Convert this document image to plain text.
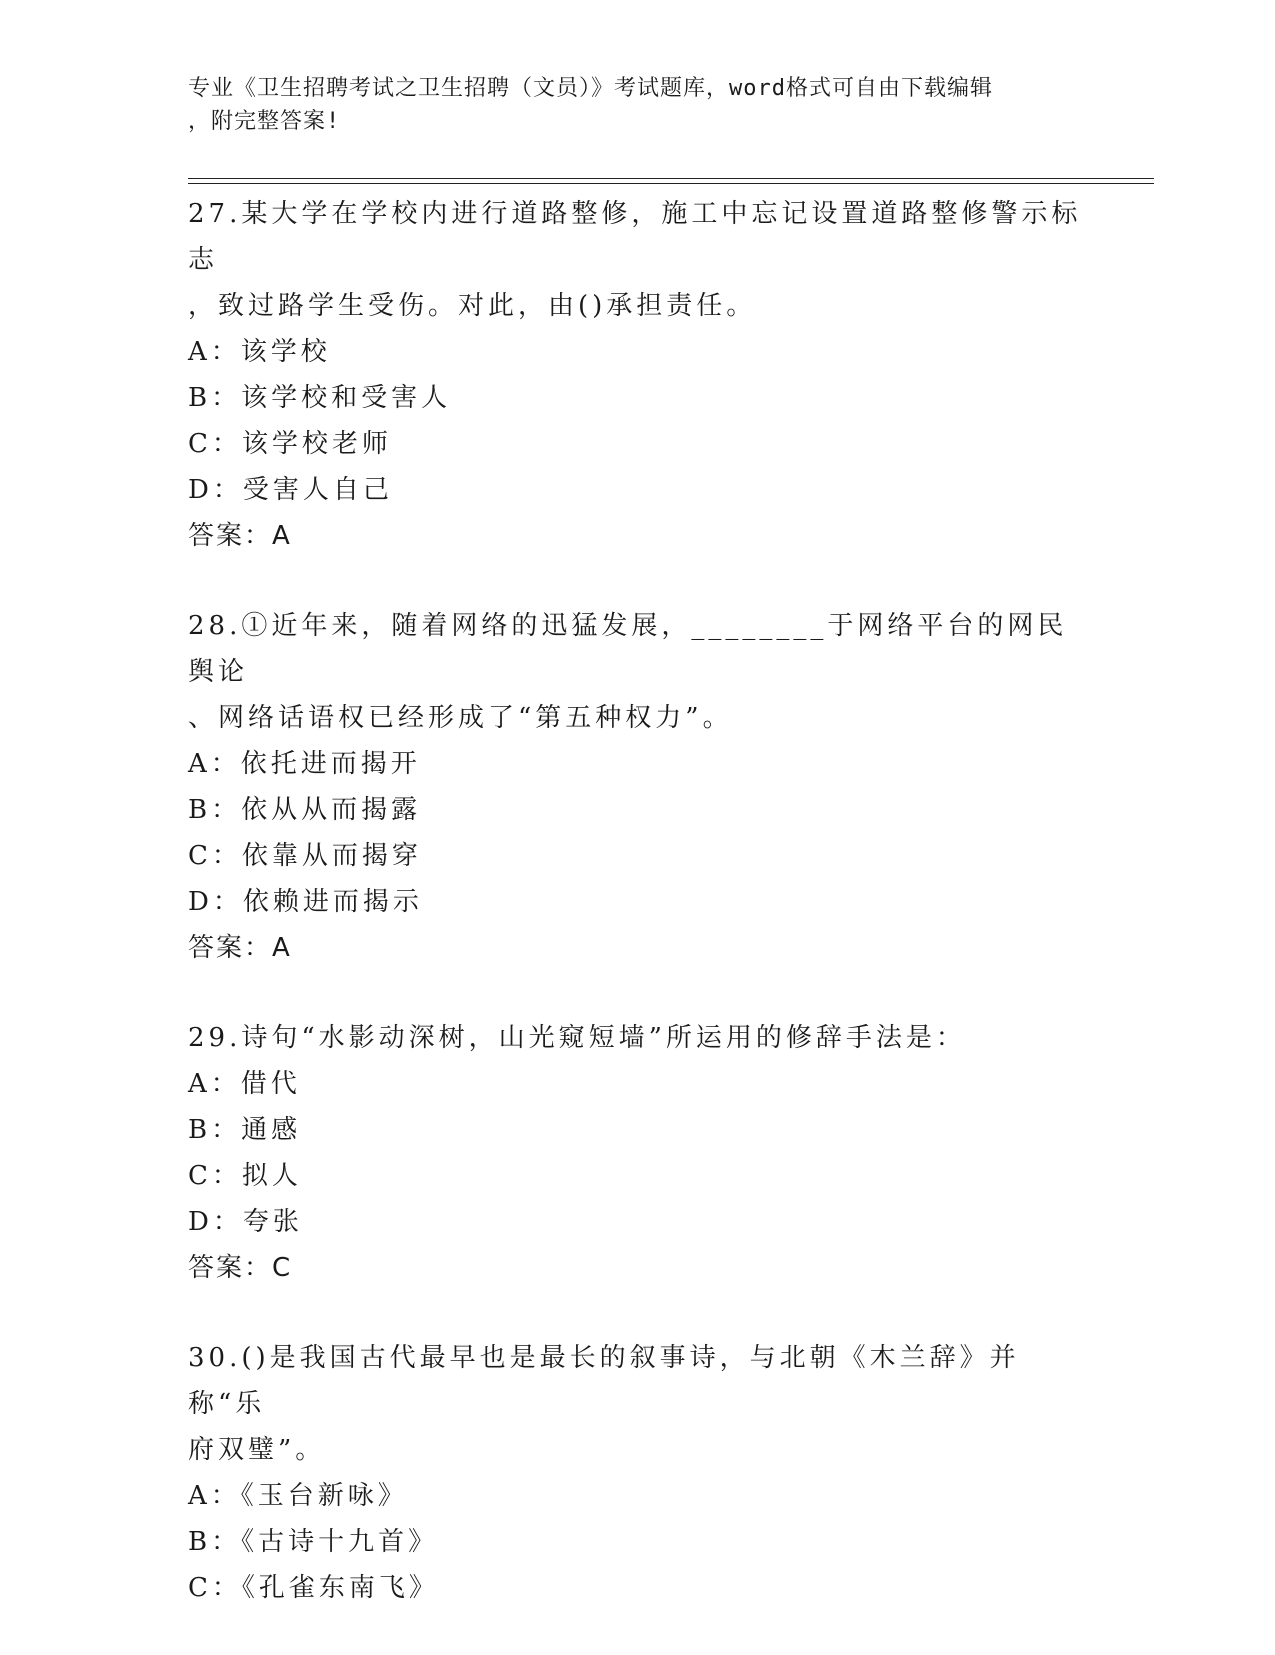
专业《卫生招聘考试之卫生招聘（文员）》考试题库，word格式可自由下载编辑
，附完整答案!
27.某大学在学校内进行道路整修，施工中忘记设置道路整修警示标志
，致过路学生受伤。对此，由()承担责任。
A：该学校
B：该学校和受害人
C：该学校老师
D：受害人自己
答案：A
28.①近年来，随着网络的迅猛发展，________于网络平台的网民舆论
、网络话语权已经形成了“第五种权力”。
A：依托进而揭开
B：依从从而揭露
C：依靠从而揭穿
D：依赖进而揭示
答案：A
29.诗句“水影动深树，山光窥短墙”所运用的修辞手法是：
A：借代
B：通感
C：拟人
D：夸张
答案：C
30.()是我国古代最早也是最长的叙事诗，与北朝《木兰辞》并称“乐
府双璧”。
A：《玉台新咏》
B：《古诗十九首》
C：《孔雀东南飞》
